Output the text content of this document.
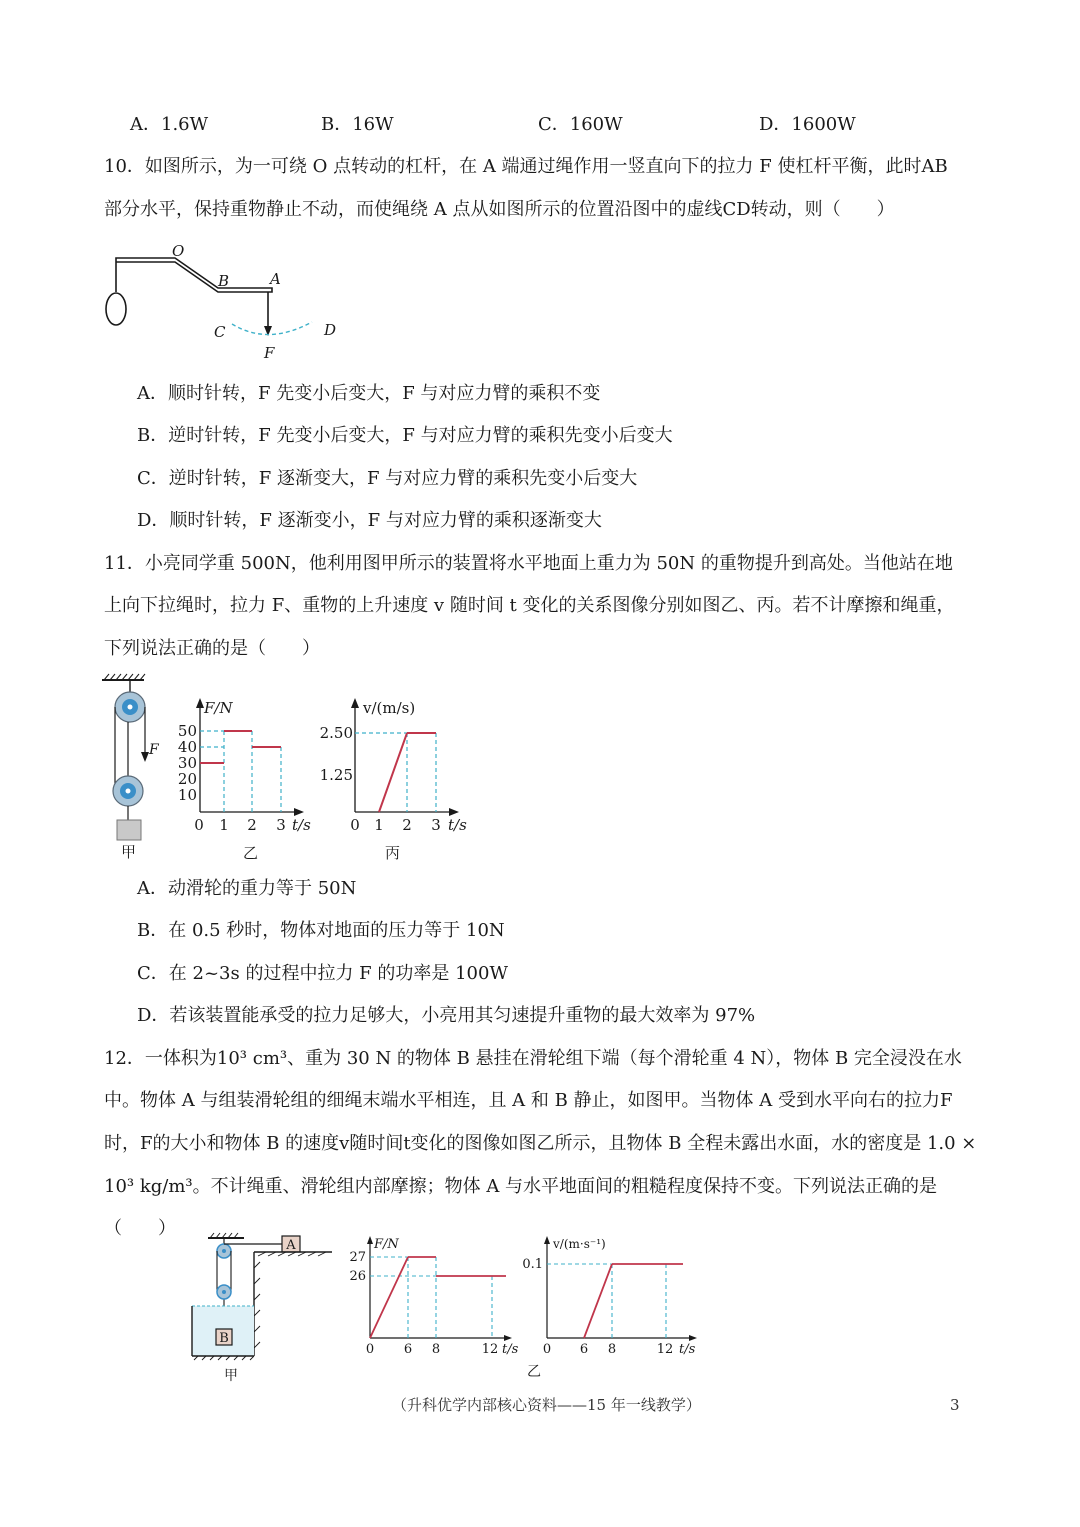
A．1.6W	B．16W	C．160W	D．1600W
10．如图所示，为一可绕 O 点转动的杠杆，在 A 端通过绳作用一竖直向下的拉力 F 使杠杆平衡，此时AB
部分水平，保持重物静止不动，而使绳绕 A 点从如图所示的位置沿图中的虚线CD转动，则（　　）
O
B	A
C	D
F
A．顺时针转，F 先变小后变大，F 与对应力臂的乘积不变
B．逆时针转，F 先变小后变大，F 与对应力臂的乘积先变小后变大
C．逆时针转，F 逐渐变大，F 与对应力臂的乘积先变小后变大
D．顺时针转，F 逐渐变小，F 与对应力臂的乘积逐渐变大
11．小亮同学重 500N，他利用图甲所示的装置将水平地面上重力为 50N 的重物提升到高处。当他站在地
上向下拉绳时，拉力 F、重物的上升速度 v 随时间 t 变化的关系图像分别如图乙、丙。若不计摩擦和绳重，
下列说法正确的是（　　）
F
甲
F/N
50
40
30
20
10
0 1 2 3 t/s
乙
v/(m/s)
2.50
1.25
0 1 2 3 t/s
丙
A．动滑轮的重力等于 50N
B．在 0.5 秒时，物体对地面的压力等于 10N
C．在 2~3s 的过程中拉力 F 的功率是 100W
D．若该装置能承受的拉力足够大，小亮用其匀速提升重物的最大效率为 97%
12．一体积为10³ cm³、重为 30 N 的物体 B 悬挂在滑轮组下端（每个滑轮重 4 N），物体 B 完全浸没在水
中。物体 A 与组装滑轮组的细绳末端水平相连，且 A 和 B 静止，如图甲。当物体 A 受到水平向右的拉力F
时，F的大小和物体 B 的速度v随时间t变化的图像如图乙所示，且物体 B 全程未露出水面，水的密度是 1.0 ×
10³ kg/m³。不计绳重、滑轮组内部摩擦；物体 A 与水平地面间的粗糙程度保持不变。下列说法正确的是
（　　）
A
B
甲
F/N
27
26
0 6 8	12 t/s
v/(m·s⁻¹)
0.1
0 6 8	12 t/s
乙
（升科优学内部核心资料——15 年一线教学）	3
